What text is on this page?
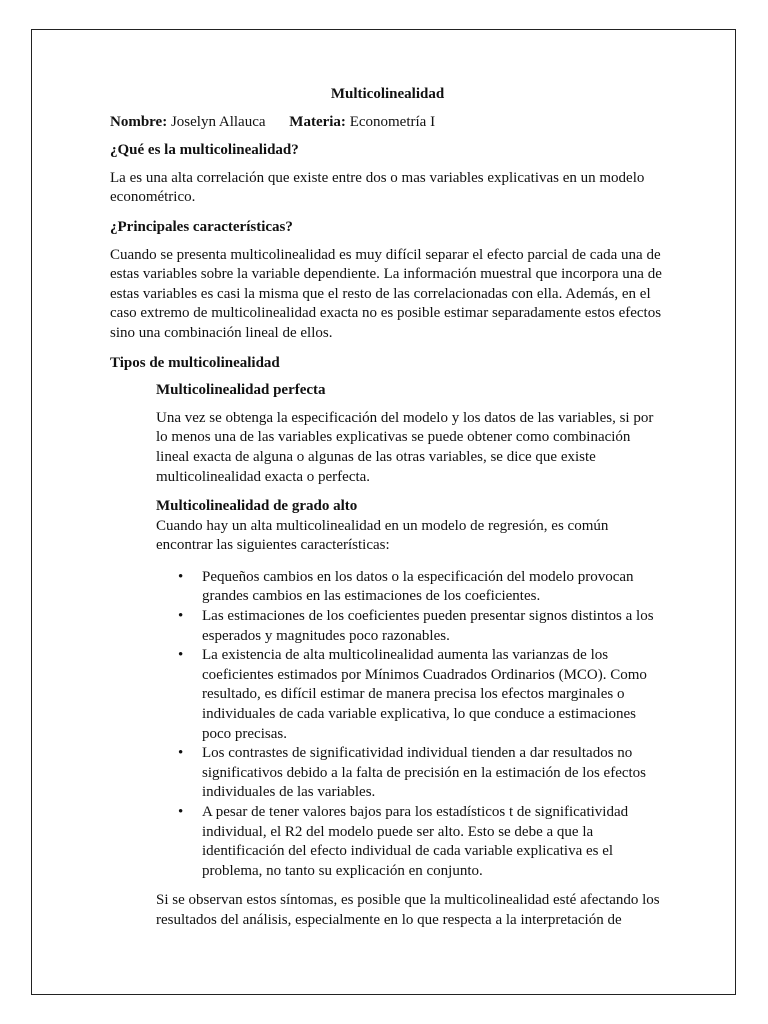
Multicolinealidad
Nombre: Joselyn Allauca Materia: Econometría I
¿Qué es la multicolinealidad?

La es una alta correlación que existe entre dos o mas variables explicativas en un modelo econométrico.

¿Principales características?

Cuando se presenta multicolinealidad es muy difícil separar el efecto parcial de cada una de estas variables sobre la variable dependiente. La información muestral que incorpora una de estas variables es casi la misma que el resto de las correlacionadas con ella. Además, en el caso extremo de multicolinealidad exacta no es posible estimar separadamente estos efectos sino una combinación lineal de ellos.

Tipos de multicolinealidad
Multicolinealidad perfecta

Una vez se obtenga la especificación del modelo y los datos de las variables, si por lo menos una de las variables explicativas se puede obtener como combinación lineal exacta de alguna o algunas de las otras variables, se dice que existe multicolinealidad exacta o perfecta.

Multicolinealidad de grado alto

Cuando hay un alta multicolinealidad en un modelo de regresión, es común encontrar las siguientes características:

• Pequeños cambios en los datos o la especificación del modelo provocan grandes cambios en las estimaciones de los coeficientes.
• Las estimaciones de los coeficientes pueden presentar signos distintos a los esperados y magnitudes poco razonables.
• La existencia de alta multicolinealidad aumenta las varianzas de los coeficientes estimados por Mínimos Cuadrados Ordinarios (MCO). Como resultado, es difícil estimar de manera precisa los efectos marginales o individuales de cada variable explicativa, lo que conduce a estimaciones poco precisas.
• Los contrastes de significatividad individual tienden a dar resultados no significativos debido a la falta de precisión en la estimación de los efectos individuales de las variables.
• A pesar de tener valores bajos para los estadísticos t de significatividad individual, el R2 del modelo puede ser alto. Esto se debe a que la identificación del efecto individual de cada variable explicativa es el problema, no tanto su explicación en conjunto.

Si se observan estos síntomas, es posible que la multicolinealidad esté afectando los resultados del análisis, especialmente en lo que respecta a la interpretación de
